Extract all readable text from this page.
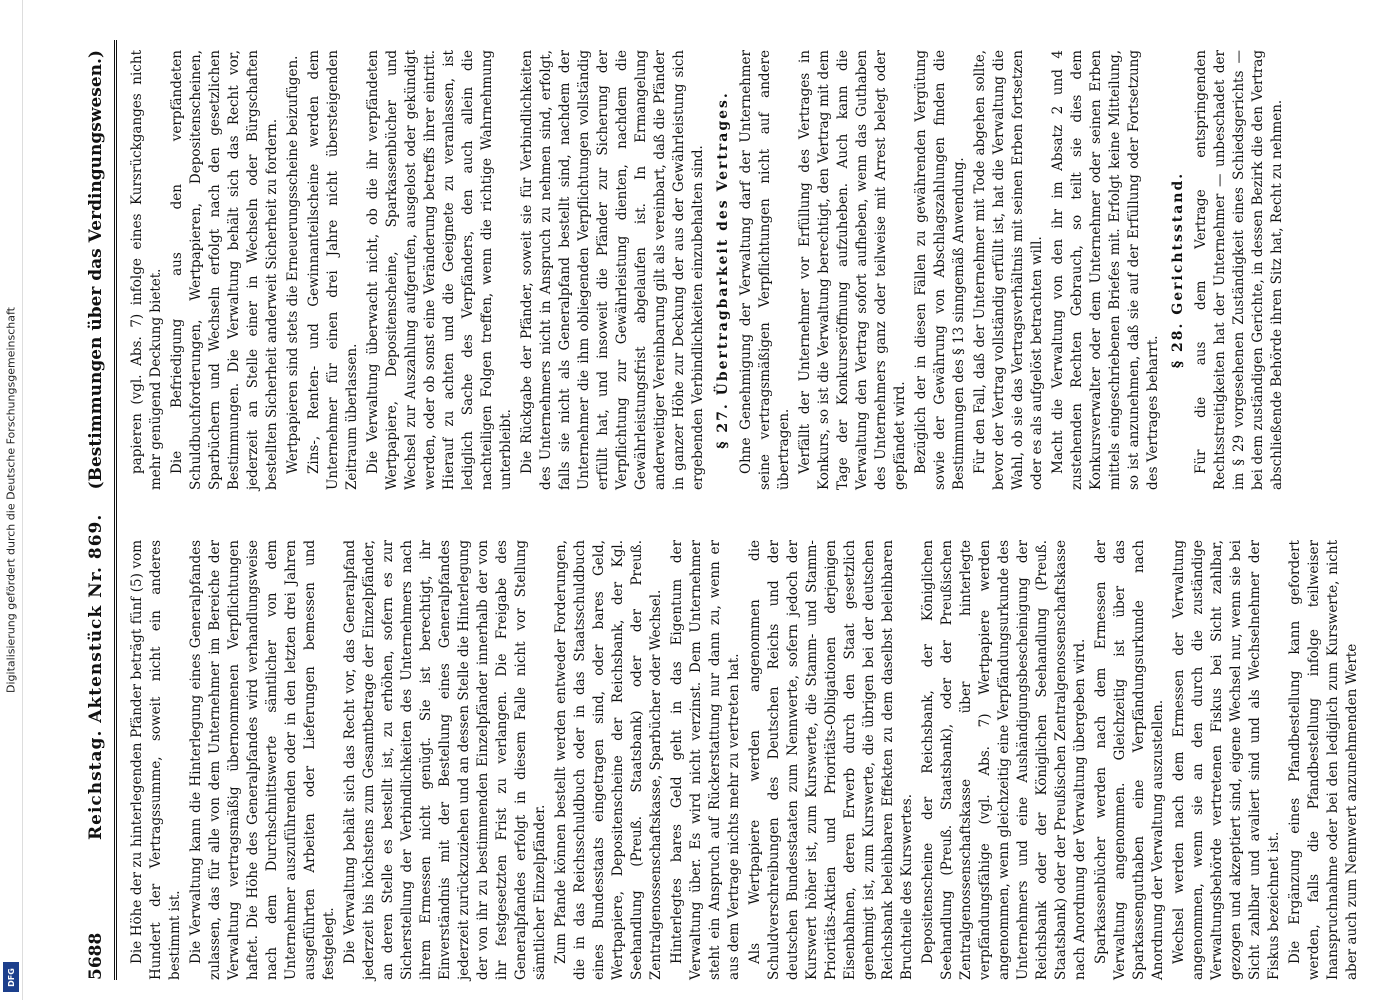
Digitalisierung gefördert durch die Deutsche Forschungsgemeinschaft
DFG	5688
Reichstag. Aktenstück Nr. 869.
(Bestimmungen über das Verdingungswesen.)

Die Höhe der zu hinterlegenden Pfänder beträgt fünf (5) vom Hundert der Vertragssumme, soweit nicht ein anderes bestimmt ist. Die Verwaltung kann die Hinterlegung eines Generalpfandes zulassen, das für alle von dem Unternehmer im Bereiche der Verwaltung vertragsmäßig übernommenen Verpflichtungen haftet. Die Höhe des Generalpfandes wird verhandlungsweise nach dem Durchschnittswerte sämtlicher von dem Unternehmer auszuführenden oder in den letzten drei Jahren ausgeführten Arbeiten oder Lieferungen bemessen und festgelegt. Die Verwaltung behält sich das Recht vor, das Generalpfand jederzeit bis höchstens zum Gesamtbetrage der Einzelpfänder, an deren Stelle es bestellt ist, zu erhöhen, sofern es zur Sicherstellung der Verbindlichkeiten des Unternehmers nach ihrem Ermessen nicht genügt. Sie ist berechtigt, ihr Einverständnis mit der Bestellung eines Generalpfandes jederzeit zurückzuziehen und an dessen Stelle die Hinterlegung der von ihr zu bestimmenden Einzelpfänder innerhalb der von ihr festgesetzten Frist zu verlangen. Die Freigabe des Generalpfandes erfolgt in diesem Falle nicht vor Stellung sämtlicher Einzelpfänder. Zum Pfande können bestellt werden entweder Forderungen, die in das Reichsschuldbuch oder in das Staatsschuldbuch eines Bundesstaats eingetragen sind, oder bares Geld, Wertpapiere, Depositenscheine der Reichsbank, der Kgl. Seehandlung (Preuß. Staatsbank) oder der Preuß. Zentralgenossenschaftskasse, Sparbücher oder Wechsel. Hinterlegtes bares Geld geht in das Eigentum der Verwaltung über. Es wird nicht verzinst. Dem Unternehmer steht ein Anspruch auf Rückerstattung nur dann zu, wenn er aus dem Vertrage nichts mehr zu vertreten hat. Als Wertpapiere werden angenommen die Schuldverschreibungen des Deutschen Reichs und der deutschen Bundesstaaten zum Nennwerte, sofern jedoch der Kurswert höher ist, zum Kurswerte, die Stamm- und Stamm-Prioritäts-Aktien und Prioritäts-Obligationen derjenigen Eisenbahnen, deren Erwerb durch den Staat gesetzlich genehmigt ist, zum Kurswerte, die übrigen bei der deutschen Reichsbank beleihbaren Effekten zu dem daselbst beleihbaren Bruchteile des Kurswertes. Depositenscheine der Reichsbank, der Königlichen Seehandlung (Preuß. Staatsbank), oder der Preußischen Zentralgenossenschaftskasse über hinterlegte verpfändungsfähige (vgl. Abs. 7) Wertpapiere werden angenommen, wenn gleichzeitig eine Verpfändungsurkunde des Unternehmers und eine Aushändigungsbescheinigung der Reichsbank oder der Königlichen Seehandlung (Preuß. Staatsbank) oder der Preußischen Zentralgenossenschaftskasse nach Anordnung der Verwaltung übergeben wird. Sparkassenbücher werden nach dem Ermessen der Verwaltung angenommen. Gleichzeitig ist über das Sparkassenguthaben eine Verpfändungsurkunde nach Anordnung der Verwaltung auszustellen. Wechsel werden nach dem Ermessen der Verwaltung angenommen, wenn sie an den durch die zuständige Verwaltungsbehörde vertretenen Fiskus bei Sicht zahlbar, gezogen und akzeptiert sind, eigene Wechsel nur, wenn sie bei Sicht zahlbar und avaliert sind und als Wechselnehmer der Fiskus bezeichnet ist. Die Ergänzung eines Pfandbestellung kann gefordert werden, falls die Pfandbestellung infolge teilweiser Inanspruchnahme oder bei den lediglich zum Kurswerte, nicht aber auch zum Nennwert anzunehmenden Werte

papieren (vgl. Abs. 7) infolge eines Kursrückganges nicht mehr genügend Deckung bietet. Die Befriedigung aus den verpfändeten Schuldbuchforderungen, Wertpapieren, Depositenscheinen, Sparbüchern und Wechseln erfolgt nach den gesetzlichen Bestimmungen. Die Verwaltung behält sich das Recht vor, jederzeit an Stelle einer in Wechseln oder Bürgschaften bestellten Sicherheit anderweit Sicherheit zu fordern. Wertpapieren sind stets die Erneuerungsscheine beizufügen. Zins-, Renten- und Gewinnanteilscheine werden dem Unternehmer für einen drei Jahre nicht übersteigenden Zeitraum überlassen. Die Verwaltung überwacht nicht, ob die ihr verpfändeten Wertpapiere, Depositenscheine, Sparkassenbücher und Wechsel zur Auszahlung aufgerufen, ausgelost oder gekündigt werden, oder ob sonst eine Veränderung betreffs ihrer eintritt. Hierauf zu achten und die Geeignete zu veranlassen, ist lediglich Sache des Verpfänders, den auch allein die nachteiligen Folgen treffen, wenn die richtige Wahrnehmung unterbleibt. Die Rückgabe der Pfänder, soweit sie für Verbindlichkeiten des Unternehmers nicht in Anspruch zu nehmen sind, erfolgt, falls sie nicht als Generalpfand bestellt sind, nachdem der Unternehmer die ihm obliegenden Verpflichtungen vollständig erfüllt hat, und insoweit die Pfänder zur Sicherung der Verpflichtung zur Gewährleistung dienten, nachdem die Gewährleistungsfrist abgelaufen ist. In Ermangelung anderweitiger Vereinbarung gilt als vereinbart, daß die Pfänder in ganzer Höhe zur Deckung der aus der Gewährleistung sich ergebenden Verbindlichkeiten einzubehalten sind. § 27. Übertragbarkeit des Vertrages. Ohne Genehmigung der Verwaltung darf der Unternehmer seine vertragsmäßigen Verpflichtungen nicht auf andere übertragen. Verfällt der Unternehmer vor Erfüllung des Vertrages in Konkurs, so ist die Verwaltung berechtigt, den Vertrag mit dem Tage der Konkurseröffnung aufzuheben. Auch kann die Verwaltung den Vertrag sofort aufheben, wenn das Guthaben des Unternehmers ganz oder teilweise mit Arrest belegt oder gepfändet wird. Bezüglich der in diesen Fällen zu gewährenden Vergütung sowie der Gewährung von Abschlagszahlungen finden die Bestimmungen des § 13 sinngemäß Anwendung. Für den Fall, daß der Unternehmer mit Tode abgehen sollte, bevor der Vertrag vollständig erfüllt ist, hat die Verwaltung die Wahl, ob sie das Vertragsverhältnis mit seinen Erben fortsetzen oder es als aufgelöst betrachten will. Macht die Verwaltung von den ihr im Absatz 2 und 4 zustehenden Rechten Gebrauch, so teilt sie dies dem Konkursverwalter oder dem Unternehmer oder seinen Erben mittels eingeschriebenen Briefes mit. Erfolgt keine Mitteilung, so ist anzunehmen, daß sie auf der Erfüllung oder Fortsetzung des Vertrages beharrt.

§ 28. Gerichtsstand. Für die aus dem Vertrage entspringenden Rechtsstreitigkeiten hat der Unternehmer — unbeschadet der im § 29 vorgesehenen Zuständigkeit eines Schiedsgerichts — bei dem zuständigen Gerichte, in dessen Bezirk die den Vertrag abschließende Behörde ihren Sitz hat, Recht zu nehmen.
